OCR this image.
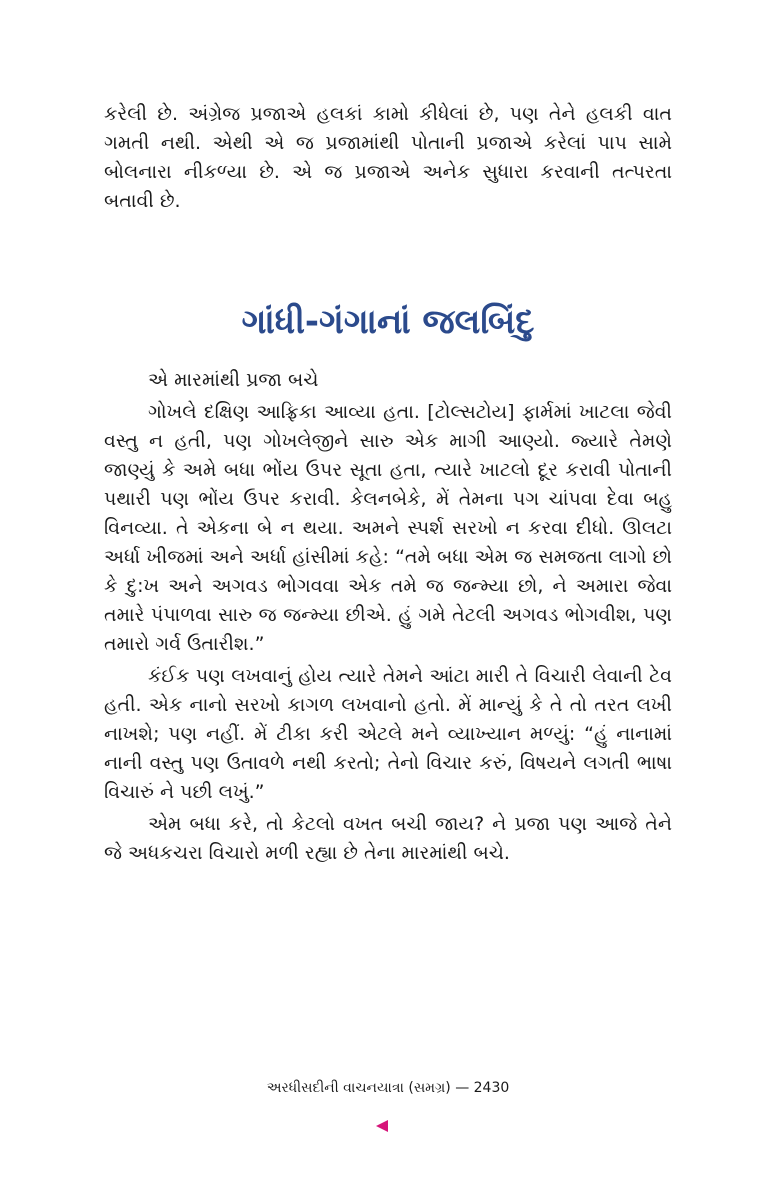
કરેલી છે. અંગ્રેજ પ્રજાએ હલકાં કામો કીધેલાં છે, પણ તેને હલકી વાત ગમતી નથી. એથી એ જ પ્રજામાંથી પોતાની પ્રજાએ કરેલાં પાપ સામે બોલનારા નીકળ્યા છે. એ જ પ્રજાએ અનેક સુધારા કરવાની તત્પરતા બતાવી છે.

ગાંધી-ગંગાનાં જલબિંદુ

એ મારમાંથી પ્રજા બચે

ગોખલે દક્ષિણ આફ્રિકા આવ્યા હતા. [ટોલ્સટોય] ફાર્મમાં ખાટલા જેવી વસ્તુ ન હતી, પણ ગોખલેજીને સારુ એક માગી આણ્યો. જ્યારે તેમણે જાણ્યું કે અમે બધા ભોંય ઉપર સૂતા હતા, ત્યારે ખાટલો દૂર કરાવી પોતાની પથારી પણ ભોંય ઉપર કરાવી. કેલનબેકે, મેં તેમના પગ ચાંપવા દેવા બહુ વિનવ્યા. તે એકના બે ન થયા. અમને સ્પર્શ સરખો ન કરવા દીધો. ઊલટા અર્ધા ખીજમાં અને અર્ધા હાંસીમાં કહે: “તમે બધા એમ જ સમજતા લાગો છો કે દુ:ખ અને અગવડ ભોગવવા એક તમે જ જન્મ્યા છો, ને અમારા જેવા તમારે પંપાળવા સારુ જ જન્મ્યા છીએ. હું ગમે તેટલી અગવડ ભોગવીશ, પણ તમારો ગર્વ ઉતારીશ.”

કંઈક પણ લખવાનું હોય ત્યારે તેમને આંટા મારી તે વિચારી લેવાની ટેવ હતી. એક નાનો સરખો કાગળ લખવાનો હતો. મેં માન્યું કે તે તો તરત લખી નાખશે; પણ નહીં. મેં ટીકા કરી એટલે મને વ્યાખ્યાન મળ્યું: “હું નાનામાં નાની વસ્તુ પણ ઉતાવળે નથી કરતો; તેનો વિચાર કરું, વિષયને લગતી ભાષા વિચારું ને પછી લખું.”

એમ બધા કરે, તો કેટલો વખત બચી જાય? ને પ્રજા પણ આજે તેને જે અધકચરા વિચારો મળી રહ્યા છે તેના મારમાંથી બચે.

અરધીસદીની વાચનયાત્રા (સમગ્ર) — 2430
